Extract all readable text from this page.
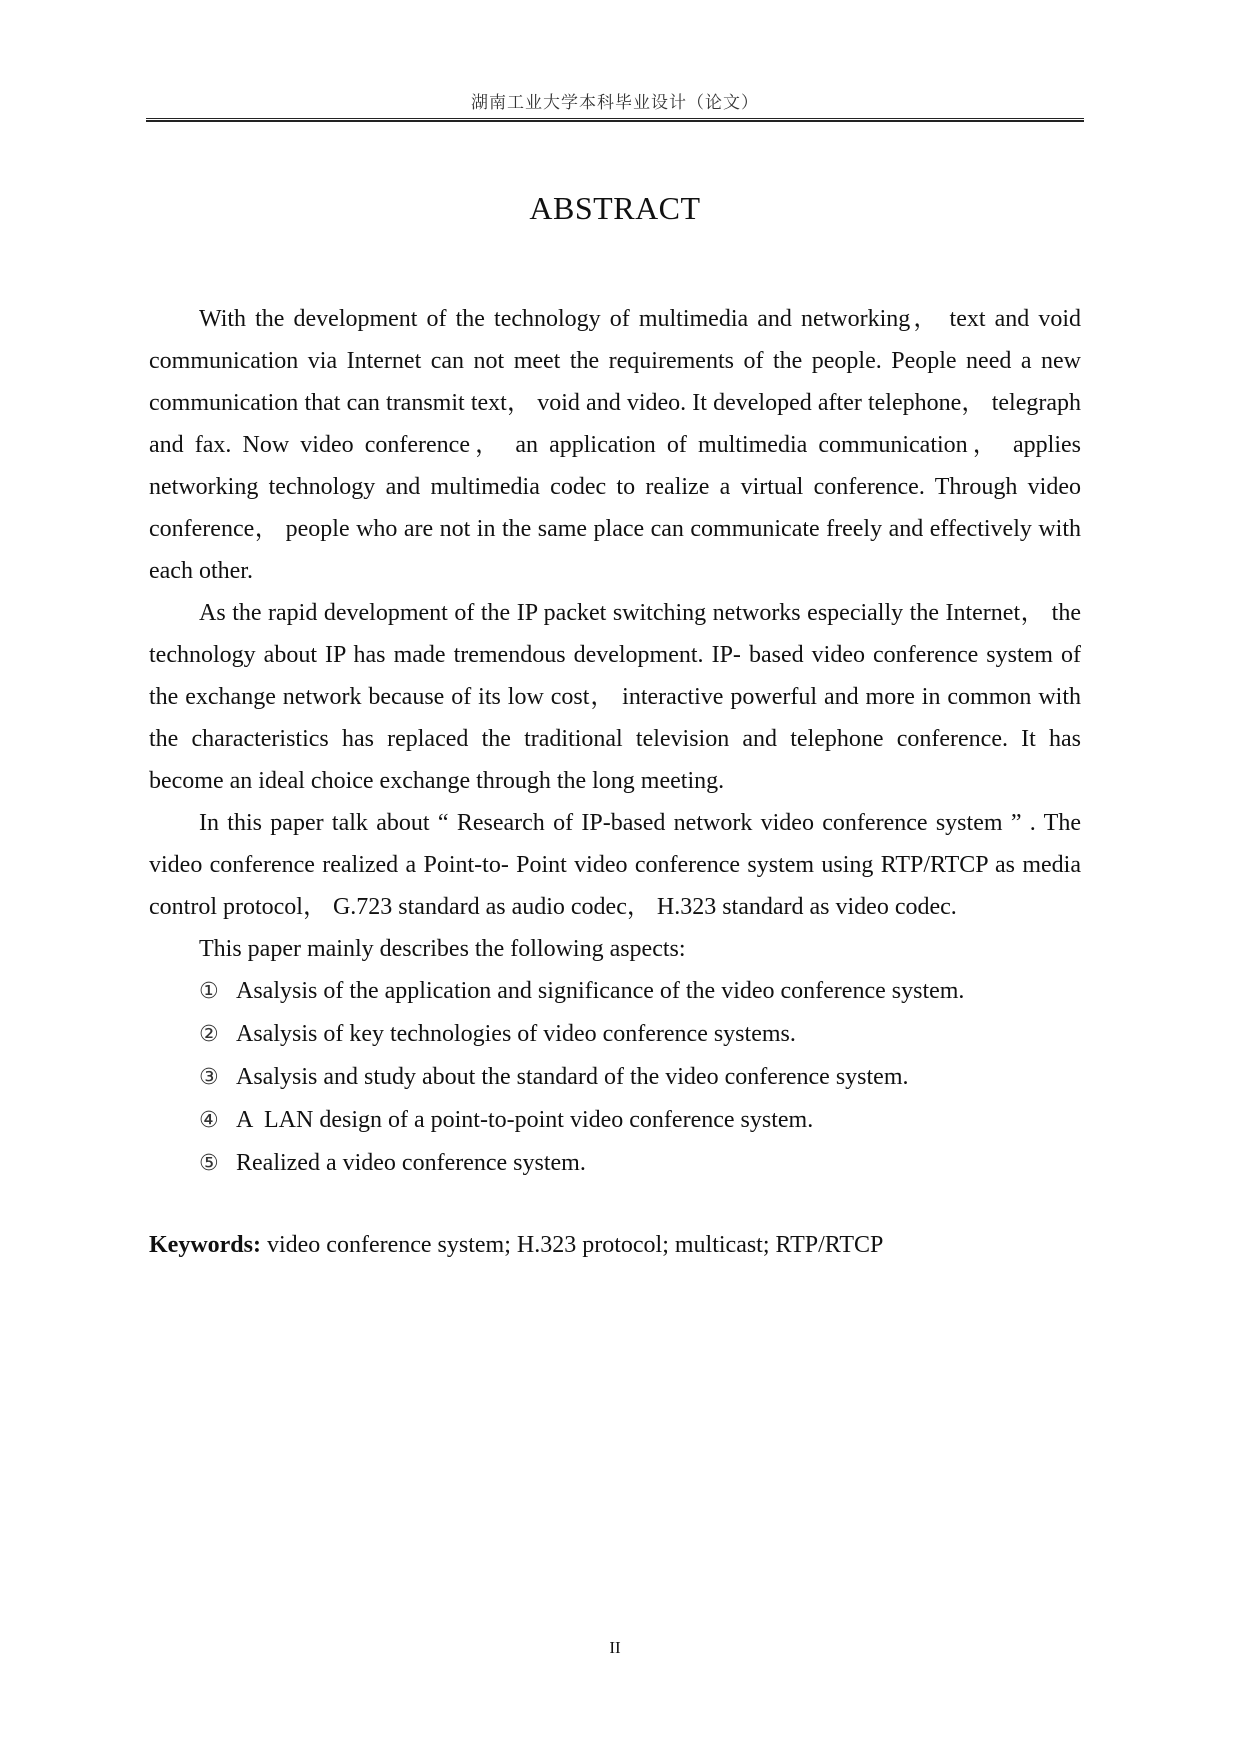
湖南工业大学本科毕业设计（论文）
ABSTRACT

With the development of the technology of multimedia and networking， text and void communication via Internet can not meet the requirements of the people. People need a new communication that can transmit text， void and video. It developed after telephone， telegraph and fax. Now video conference， an application of multimedia communication， applies networking technology and multimedia codec to realize a virtual conference. Through video conference， people who are not in the same place can communicate freely and effectively with each other.

As the rapid development of the IP packet switching networks especially the Internet， the technology about IP has made tremendous development. IP- based video conference system of the exchange network because of its low cost， interactive powerful and more in common with the characteristics has replaced the traditional television and telephone conference. It has become an ideal choice exchange through the long meeting.

In this paper talk about “ Research of IP-based network video conference system ” . The video conference realized a Point-to- Point video conference system using RTP/RTCP as media control protocol， G.723 standard as audio codec， H.323 standard as video codec.

This paper mainly describes the following aspects:

① Asalysis of the application and significance of the video conference system.
② Asalysis of key technologies of video conference systems.
③ Asalysis and study about the standard of the video conference system.
④ A  LAN design of a point-to-point video conference system.
⑤ Realized a video conference system.

Keywords: video conference system; H.323 protocol; multicast; RTP/RTCP

II
